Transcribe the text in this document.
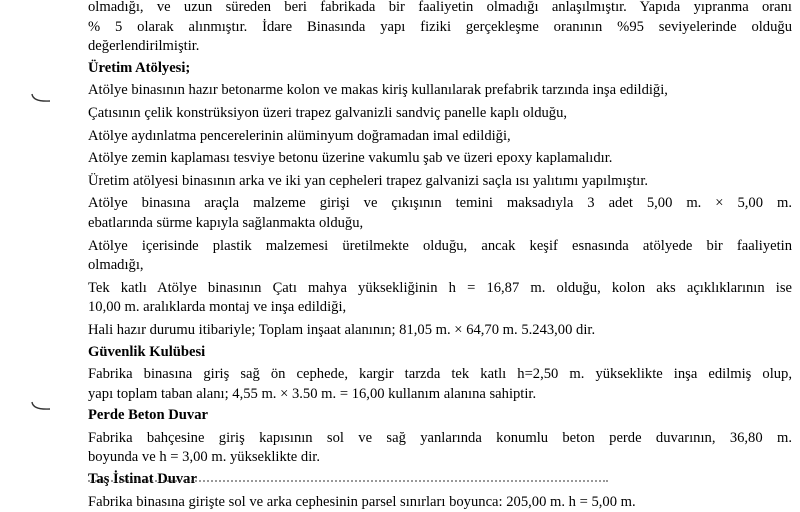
olmadığı, ve uzun süreden beri fabrikada bir faaliyetin olmadığı anlaşılmıştır. Yapıda yıpranma oranı

% 5 olarak alınmıştır. İdare Binasında yapı fiziki gerçekleşme oranının %95 seviyelerinde olduğu

değerlendirilmiştir.

Üretim Atölyesi;

Atölye binasının hazır betonarme kolon ve makas kiriş kullanılarak prefabrik tarzında inşa edildiği,

Çatısının çelik konstrüksiyon üzeri trapez galvanizli sandviç panelle kaplı olduğu,

Atölye aydınlatma pencerelerinin alüminyum doğramadan imal edildiği,

Atölye zemin kaplaması tesviye betonu üzerine vakumlu şab ve üzeri epoxy kaplamalıdır.

Üretim atölyesi binasının arka ve iki yan cepheleri trapez galvanizi saçla ısı yalıtımı yapılmıştır.

Atölye binasına araçla malzeme girişi ve çıkışının temini maksadıyla 3 adet 5,00 m. × 5,00 m.

ebatlarında sürme kapıyla sağlanmakta olduğu,

Atölye içerisinde plastik malzemesi üretilmekte olduğu, ancak keşif esnasında atölyede bir faaliyetin

olmadığı,

Tek katlı Atölye binasının Çatı mahya yüksekliğinin h = 16,87 m. olduğu, kolon aks açıklıklarının ise

10,00 m. aralıklarda montaj ve inşa edildiği,

Hali hazır durumu itibariyle; Toplam inşaat alanının; 81,05 m. × 64,70 m. 5.243,00 dir.

Güvenlik Kulübesi

Fabrika binasına giriş sağ ön cephede, kargir tarzda tek katlı h=2,50 m. yükseklikte inşa edilmiş olup,

yapı toplam taban alanı; 4,55 m. × 3.50 m. = 16,00 kullanım alanına sahiptir.

Perde Beton Duvar

Fabrika bahçesine giriş kapısının sol ve sağ yanlarında konumlu beton perde duvarının, 36,80 m.

boyunda ve h = 3,00 m. yükseklikte dir.

Taş İstinat Duvar

Fabrika binasına girişte sol ve arka cephesinin parsel sınırları boyunca: 205,00 m. h = 5,00 m.
